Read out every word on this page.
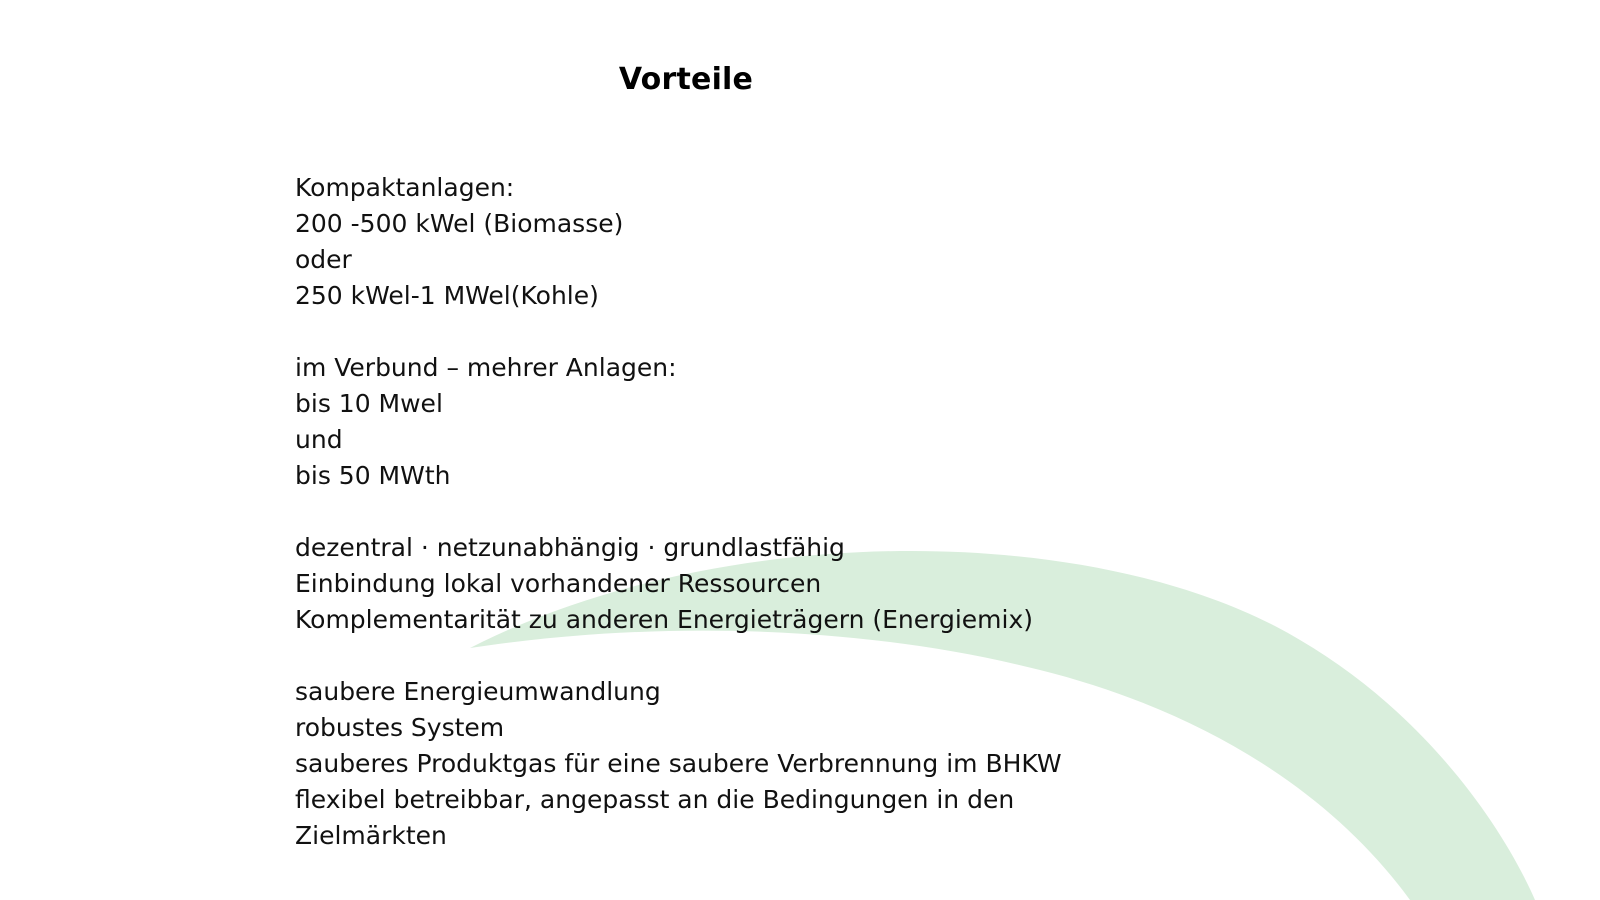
Vorteile
Kompaktanlagen:
200 -500 kWel (Biomasse)
oder
250 kWel-1 MWel(Kohle)
im Verbund – mehrer Anlagen:
bis 10 Mwel
und
bis 50 MWth
dezentral · netzunabhängig · grundlastfähig
Einbindung lokal vorhandener Ressourcen
Komplementarität zu anderen Energieträgern (Energiemix)
saubere Energieumwandlung
robustes System
sauberes Produktgas für eine saubere Verbrennung im BHKW
flexibel betreibbar, angepasst an die Bedingungen in den
Zielmärkten
